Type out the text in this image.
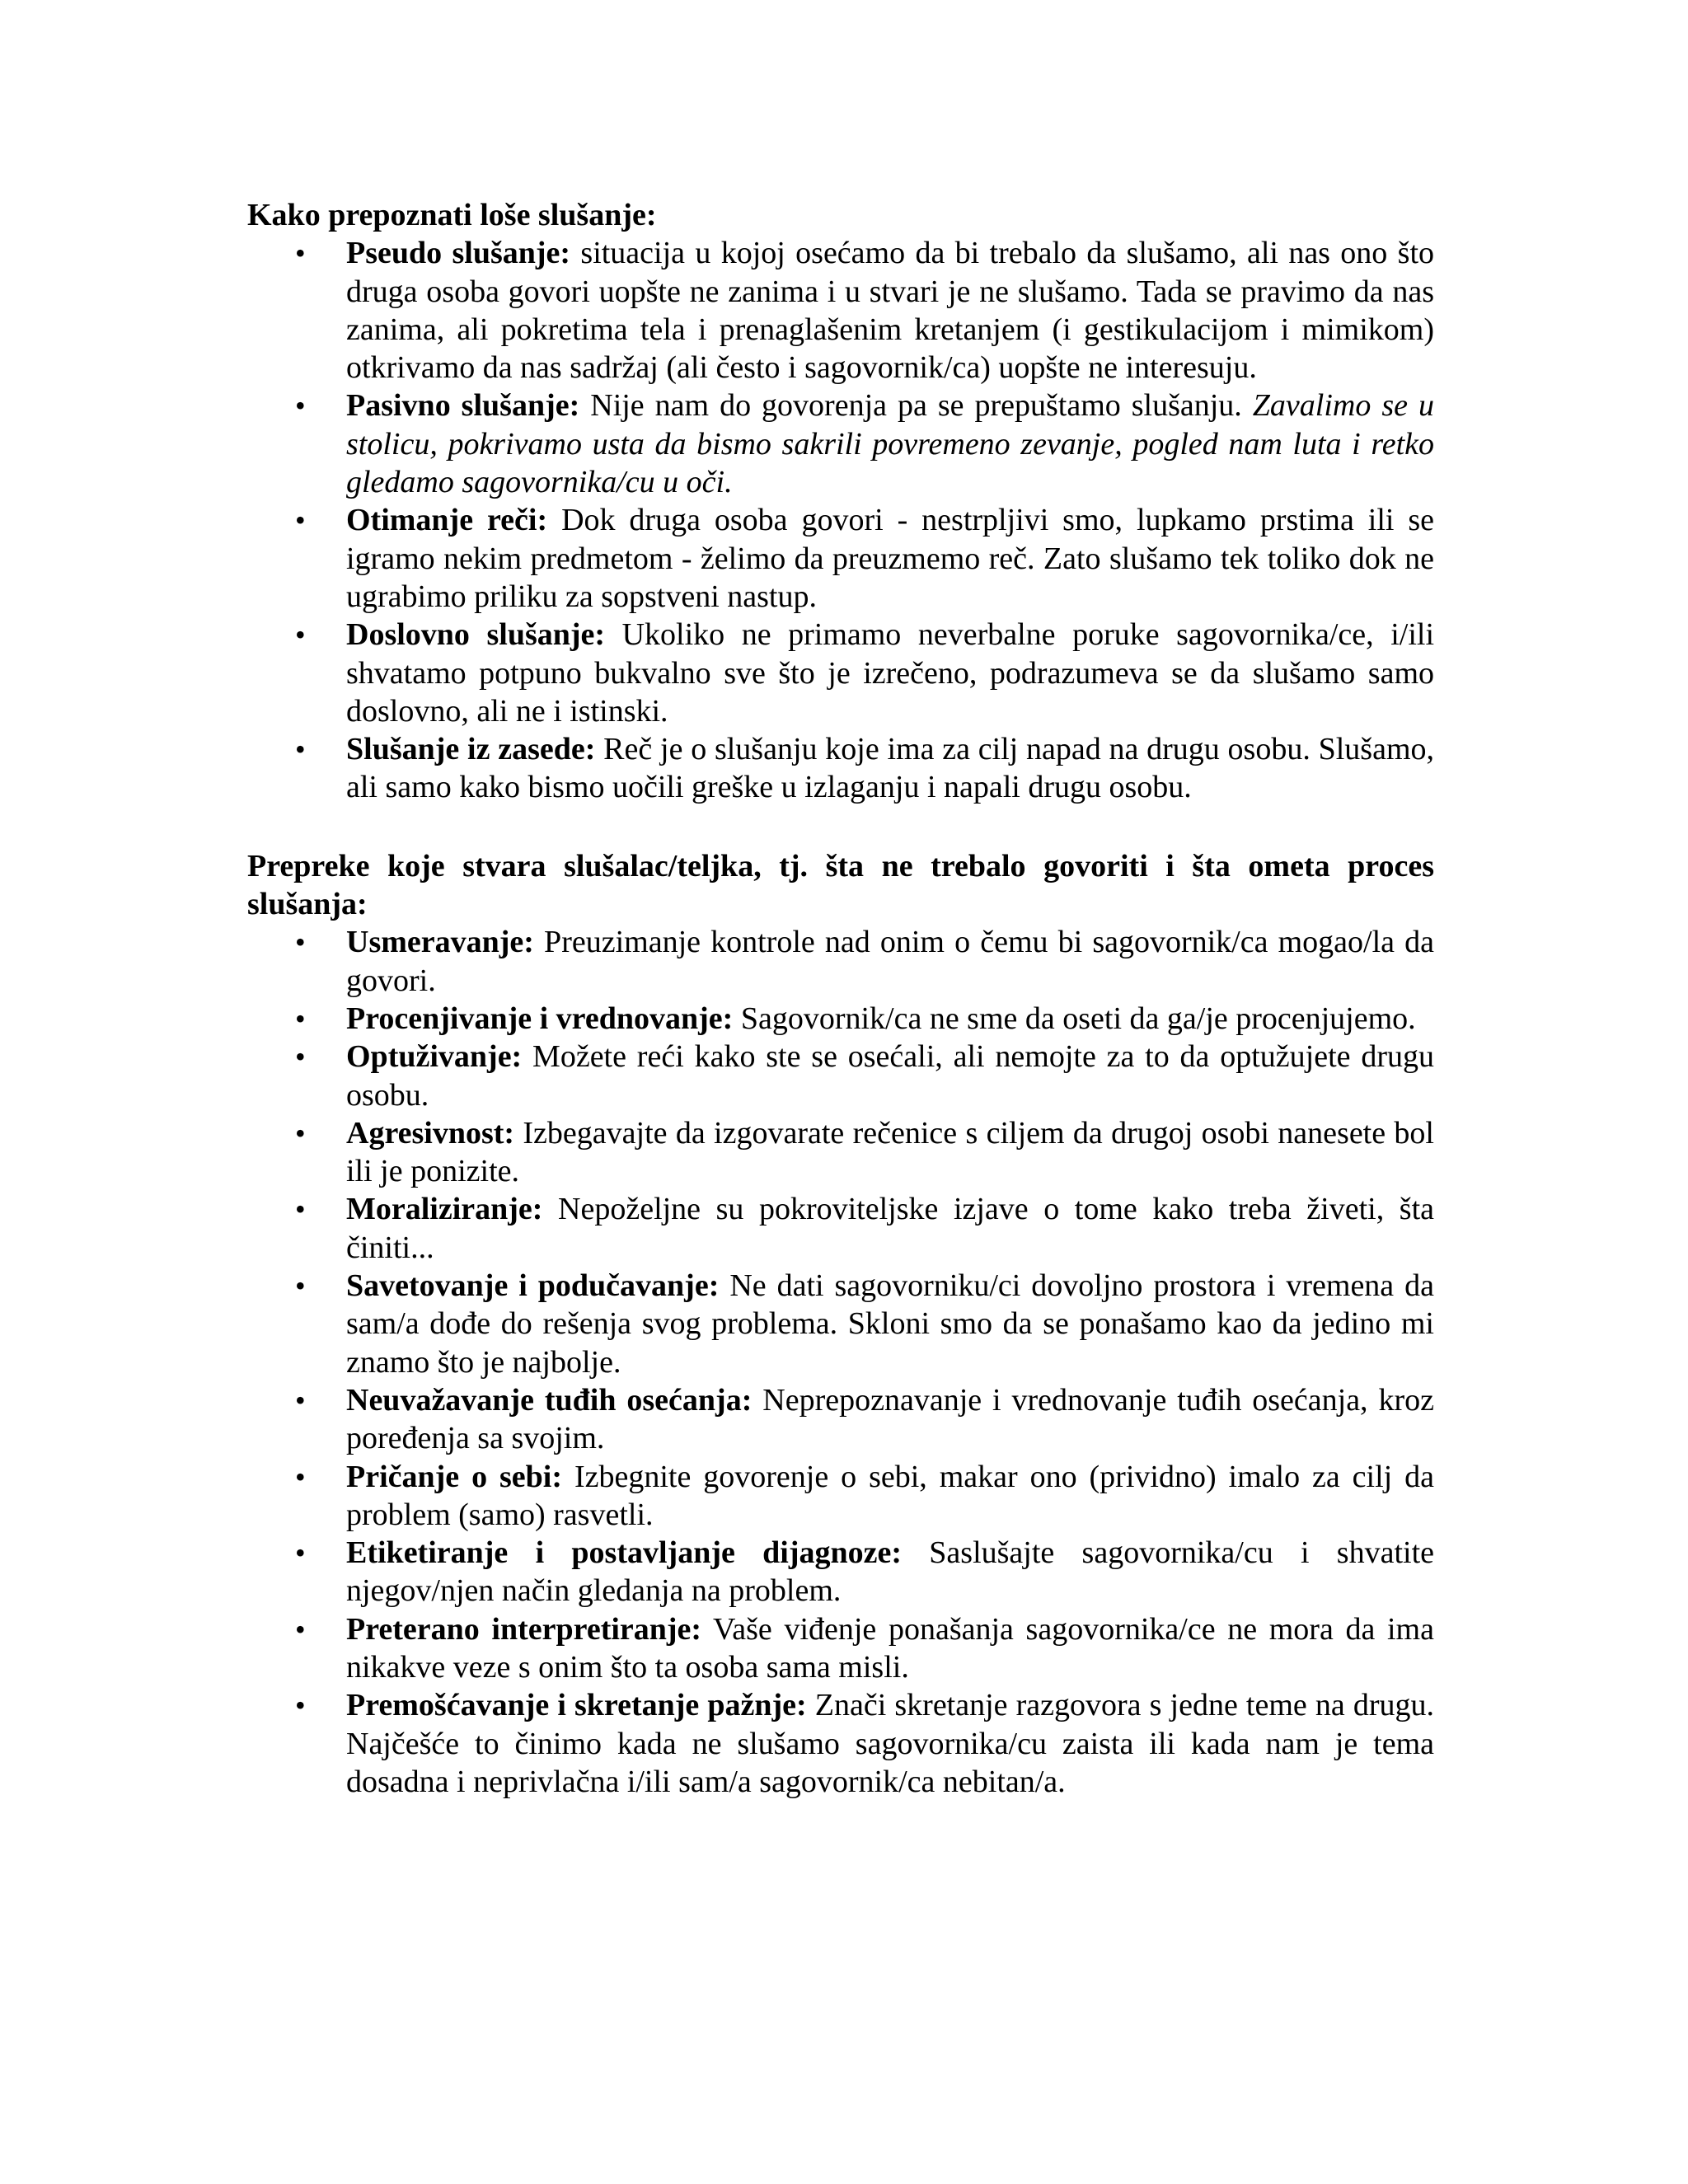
Kako prepoznati loše slušanje:

• Pseudo slušanje: situacija u kojoj osećamo da bi trebalo da slušamo, ali nas ono što druga osoba govori uopšte ne zanima i u stvari je ne slušamo. Tada se pravimo da nas zanima, ali pokretima tela i prenaglašenim kretanjem (i gestikulacijom i mimikom) otkrivamo da nas sadržaj (ali često i sagovornik/ca) uopšte ne interesuju.
• Pasivno slušanje: Nije nam do govorenja pa se prepuštamo slušanju. Zavalimo se u stolicu, pokrivamo usta da bismo sakrili povremeno zevanje, pogled nam luta i retko gledamo sagovornika/cu u oči.
• Otimanje reči: Dok druga osoba govori - nestrpljivi smo, lupkamo prstima ili se igramo nekim predmetom - želimo da preuzmemo reč. Zato slušamo tek toliko dok ne ugrabimo priliku za sopstveni nastup.
• Doslovno slušanje: Ukoliko ne primamo neverbalne poruke sagovornika/ce, i/ili shvatamo potpuno bukvalno sve što je izrečeno, podrazumeva se da slušamo samo doslovno, ali ne i istinski.
• Slušanje iz zasede: Reč je o slušanju koje ima za cilj napad na drugu osobu. Slušamo, ali samo kako bismo uočili greške u izlaganju i napali drugu osobu.

Prepreke koje stvara slušalac/teljka, tj. šta ne trebalo govoriti i šta ometa proces slušanja:

• Usmeravanje: Preuzimanje kontrole nad onim o čemu bi sagovornik/ca mogao/la da govori.
• Procenjivanje i vrednovanje: Sagovornik/ca ne sme da oseti da ga/je procenjujemo.
• Optuživanje: Možete reći kako ste se osećali, ali nemojte za to da optužujete drugu osobu.
• Agresivnost: Izbegavajte da izgovarate rečenice s ciljem da drugoj osobi nanesete bol ili je ponizite.
• Moraliziranje: Nepoželjne su pokroviteljske izjave o tome kako treba živeti, šta činiti...
• Savetovanje i podučavanje: Ne dati sagovorniku/ci dovoljno prostora i vremena da sam/a dođe do rešenja svog problema. Skloni smo da se ponašamo kao da jedino mi znamo što je najbolje.
• Neuvažavanje tuđih osećanja: Neprepoznavanje i vrednovanje tuđih osećanja, kroz poređenja sa svojim.
• Pričanje o sebi: Izbegnite govorenje o sebi, makar ono (prividno) imalo za cilj da problem (samo) rasvetli.
• Etiketiranje i postavljanje dijagnoze: Saslušajte sagovornika/cu i shvatite njegov/njen način gledanja na problem.
• Preterano interpretiranje: Vaše viđenje ponašanja sagovornika/ce ne mora da ima nikakve veze s onim što ta osoba sama misli.
• Premošćavanje i skretanje pažnje: Znači skretanje razgovora s jedne teme na drugu. Najčešće to činimo kada ne slušamo sagovornika/cu zaista ili kada nam je tema dosadna i neprivlačna i/ili sam/a sagovornik/ca nebitan/a.
